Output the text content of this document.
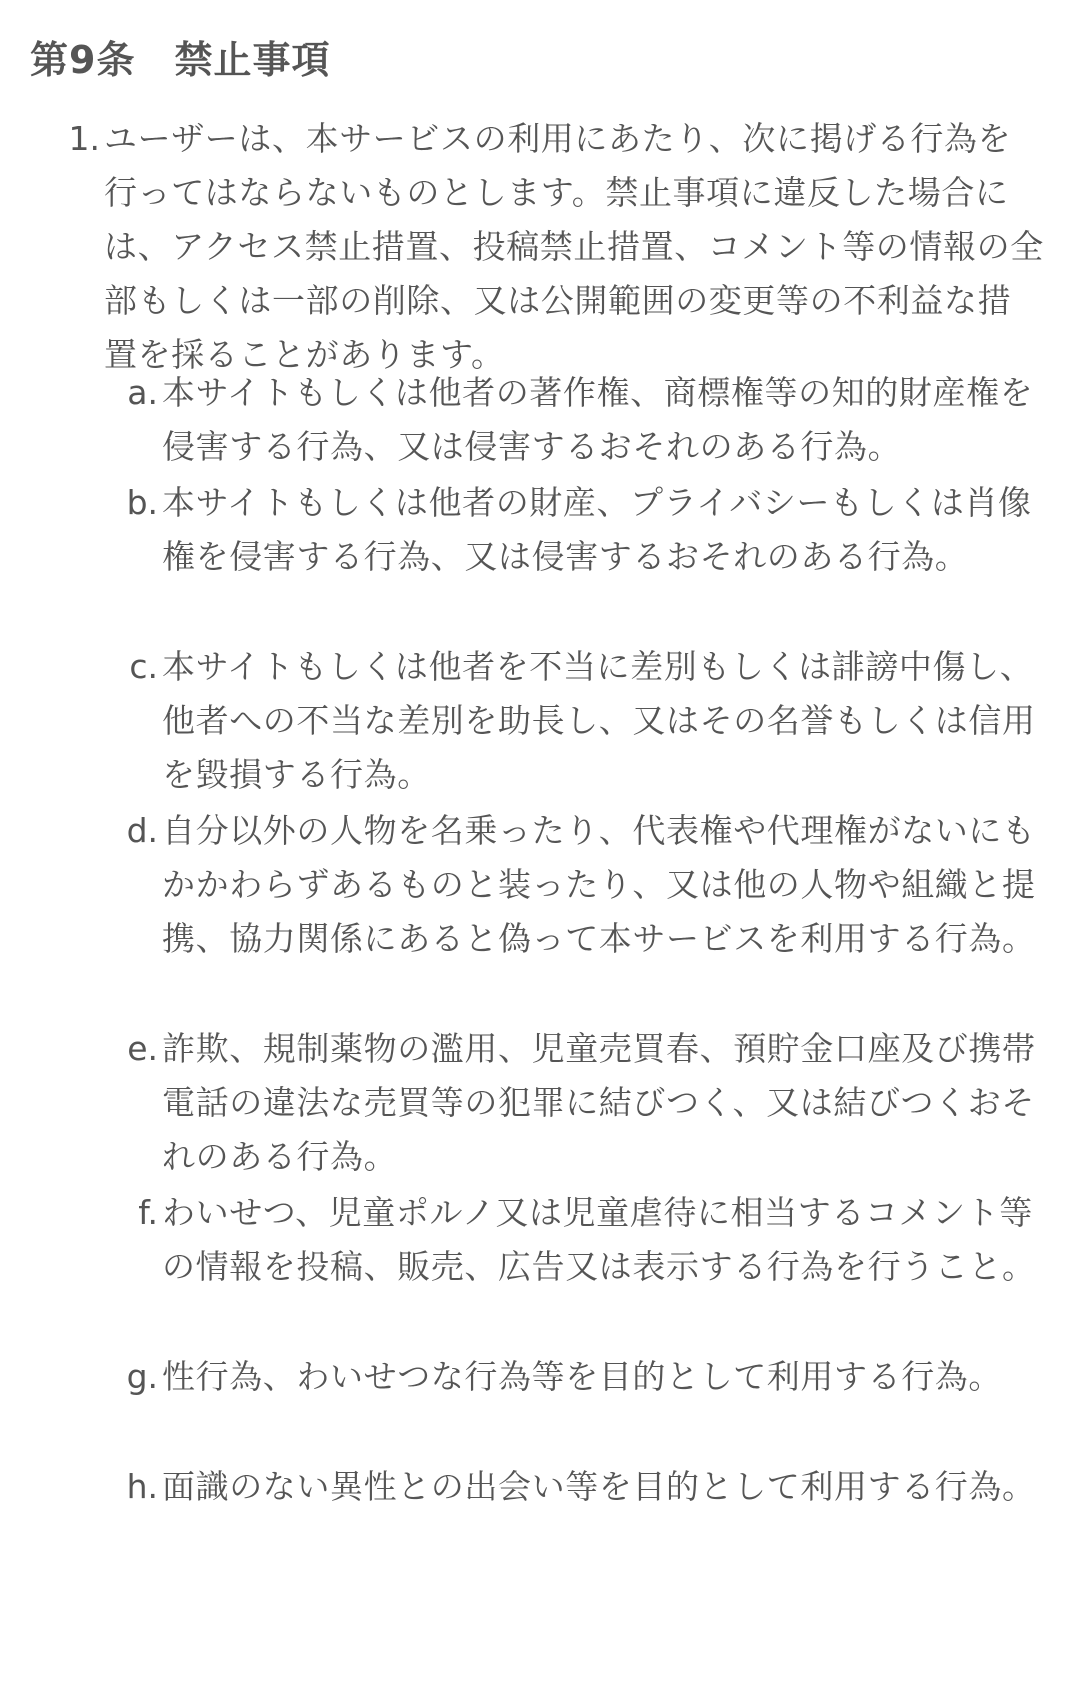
第9条　禁止事項
1. ユーザーは、本サービスの利用にあたり、次に掲げる行為を行ってはならないものとします。禁止事項に違反した場合には、アクセス禁止措置、投稿禁止措置、コメント等の情報の全部もしくは一部の削除、又は公開範囲の変更等の不利益な措置を採ることがあります。
a. 本サイトもしくは他者の著作権、商標権等の知的財産権を侵害する行為、又は侵害するおそれのある行為。
b. 本サイトもしくは他者の財産、プライバシーもしくは肖像権を侵害する行為、又は侵害するおそれのある行為。
c. 本サイトもしくは他者を不当に差別もしくは誹謗中傷し、他者への不当な差別を助長し、又はその名誉もしくは信用を毀損する行為。
d. 自分以外の人物を名乗ったり、代表権や代理権がないにもかかわらずあるものと装ったり、又は他の人物や組織と提携、協力関係にあると偽って本サービスを利用する行為。
e. 詐欺、規制薬物の濫用、児童売買春、預貯金口座及び携帯電話の違法な売買等の犯罪に結びつく、又は結びつくおそれのある行為。
f. わいせつ、児童ポルノ又は児童虐待に相当するコメント等の情報を投稿、販売、広告又は表示する行為を行うこと。
g. 性行為、わいせつな行為等を目的として利用する行為。
h. 面識のない異性との出会い等を目的として利用する行為。
